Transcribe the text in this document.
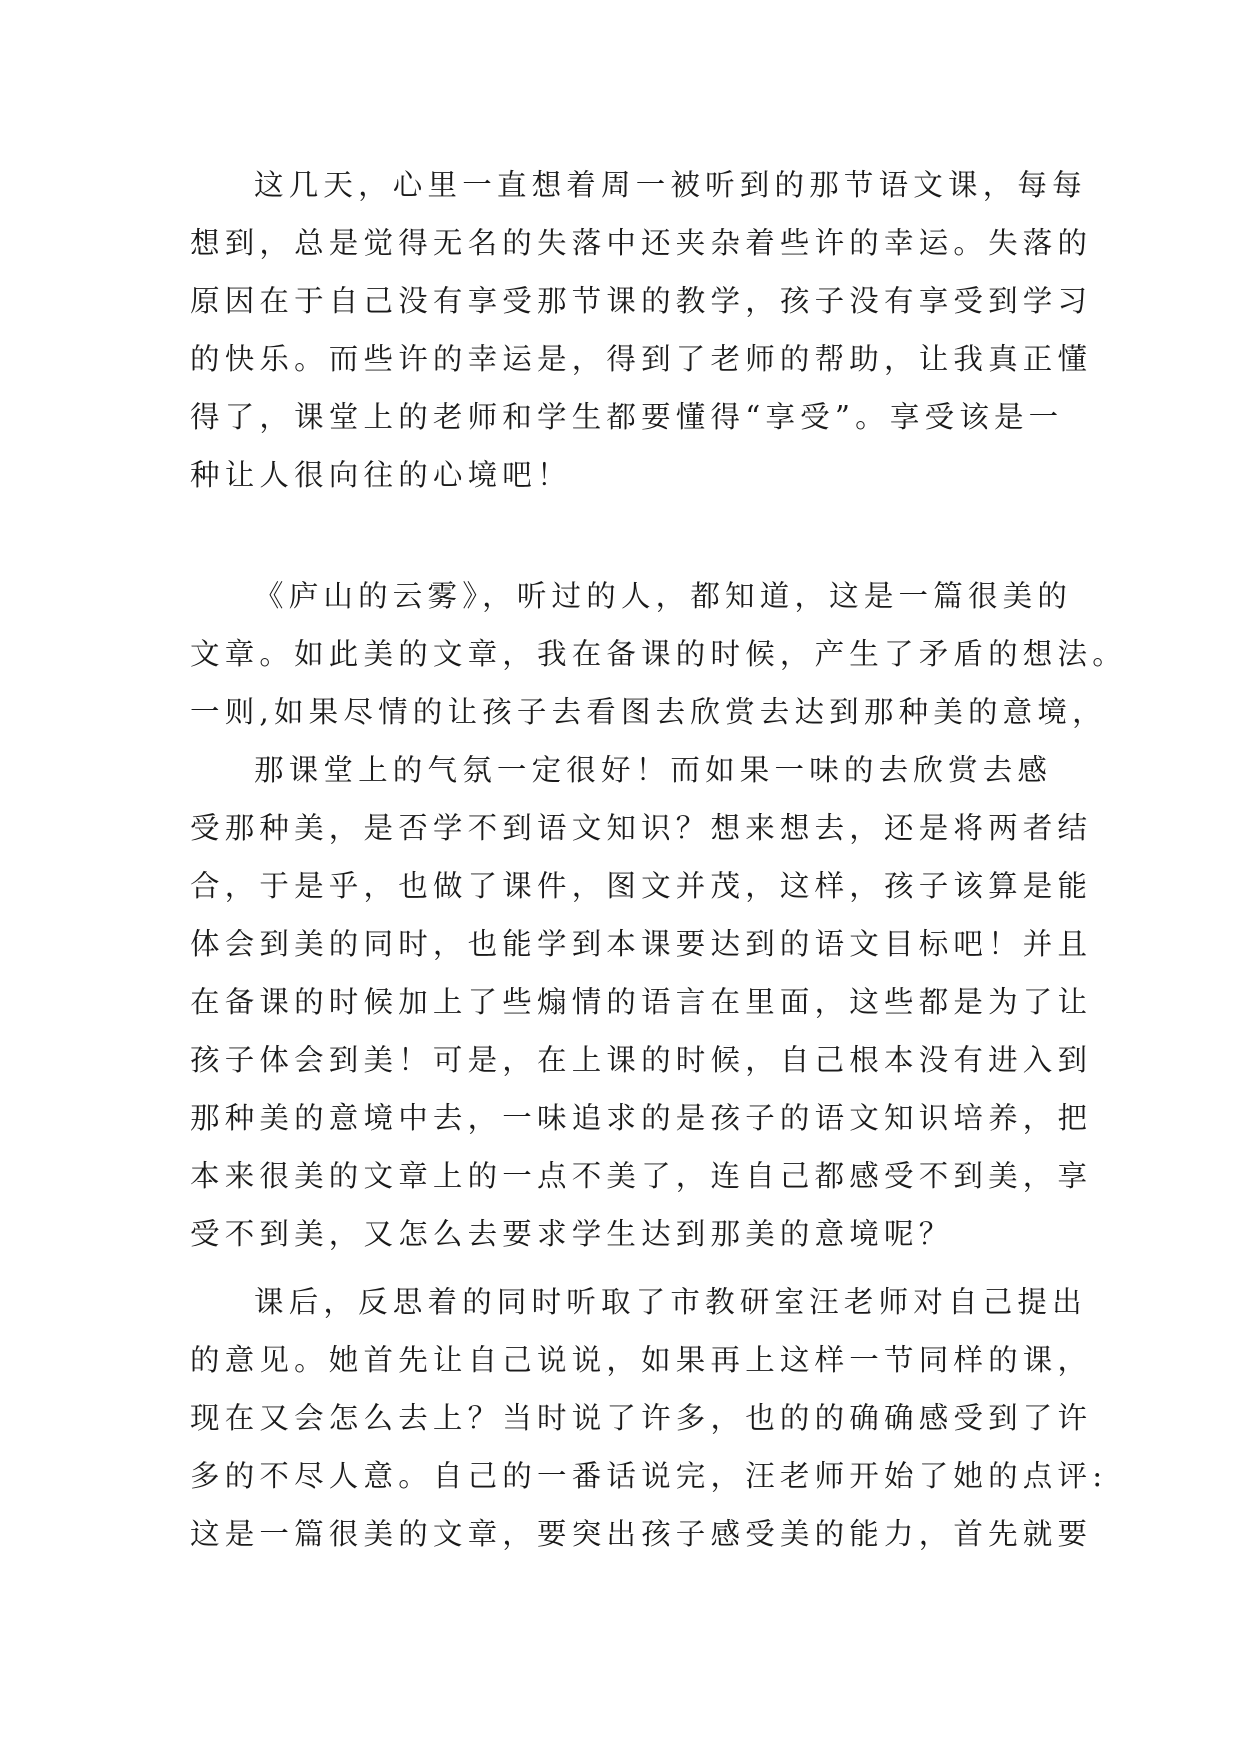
这几天，心里一直想着周一被听到的那节语文课，每每
想到，总是觉得无名的失落中还夹杂着些许的幸运。失落的
原因在于自己没有享受那节课的教学，孩子没有享受到学习
的快乐。而些许的幸运是，得到了老师的帮助，让我真正懂
得了，课堂上的老师和学生都要懂得“享受”。享受该是一
种让人很向往的心境吧！
《庐山的云雾》，听过的人，都知道，这是一篇很美的
文章。如此美的文章，我在备课的时候，产生了矛盾的想法。
一则,如果尽情的让孩子去看图去欣赏去达到那种美的意境，
那课堂上的气氛一定很好！而如果一味的去欣赏去感
受那种美，是否学不到语文知识？想来想去，还是将两者结
合，于是乎，也做了课件，图文并茂，这样，孩子该算是能
体会到美的同时，也能学到本课要达到的语文目标吧！并且
在备课的时候加上了些煽情的语言在里面，这些都是为了让
孩子体会到美！可是，在上课的时候，自己根本没有进入到
那种美的意境中去，一味追求的是孩子的语文知识培养，把
本来很美的文章上的一点不美了，连自己都感受不到美，享
受不到美，又怎么去要求学生达到那美的意境呢？
课后，反思着的同时听取了市教研室汪老师对自己提出
的意见。她首先让自己说说，如果再上这样一节同样的课，
现在又会怎么去上？当时说了许多，也的的确确感受到了许
多的不尽人意。自己的一番话说完，汪老师开始了她的点评:
这是一篇很美的文章，要突出孩子感受美的能力，首先就要
